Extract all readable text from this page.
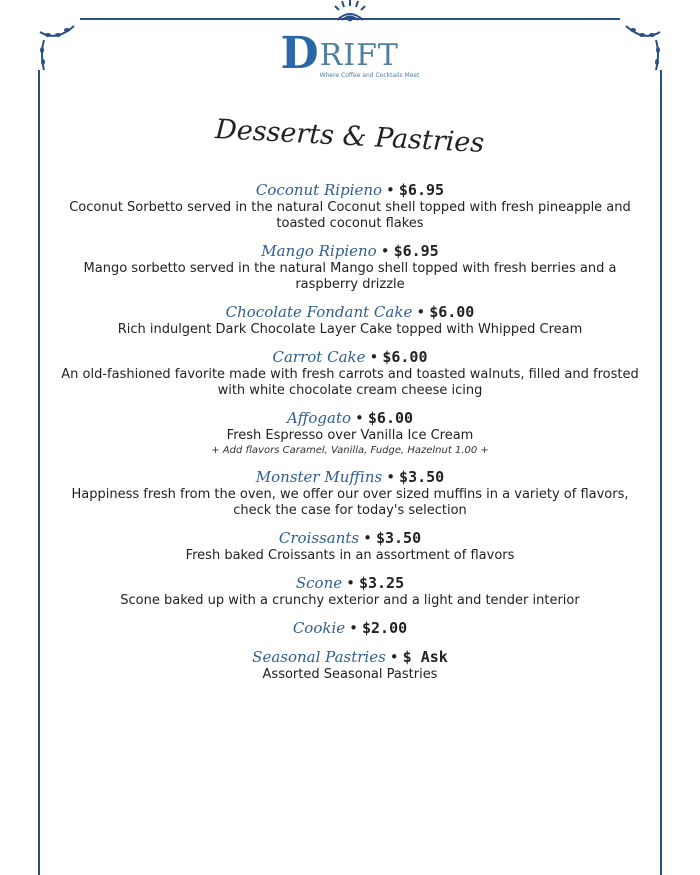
D RIFT
Where Coffee and Cocktails Meet
Desserts & Pastries
Coconut Ripieno • $6.95
Coconut Sorbetto served in the natural Coconut shell topped with fresh pineapple and toasted coconut flakes
Mango Ripieno • $6.95
Mango sorbetto served in the natural Mango shell topped with fresh berries and a raspberry drizzle
Chocolate Fondant Cake • $6.00
Rich indulgent Dark Chocolate Layer Cake topped with Whipped Cream
Carrot Cake • $6.00
An old-fashioned favorite made with fresh carrots and toasted walnuts, filled and frosted with white chocolate cream cheese icing
Affogato • $6.00
Fresh Espresso over Vanilla Ice Cream
+ Add flavors Caramel, Vanilla, Fudge, Hazelnut 1.00 +
Monster Muffins • $3.50
Happiness fresh from the oven, we offer our over sized muffins in a variety of flavors, check the case for today's selection
Croissants • $3.50
Fresh baked Croissants in an assortment of flavors
Scone • $3.25
Scone baked up with a crunchy exterior and a light and tender interior
Cookie • $2.00
Seasonal Pastries • $ Ask
Assorted Seasonal Pastries
